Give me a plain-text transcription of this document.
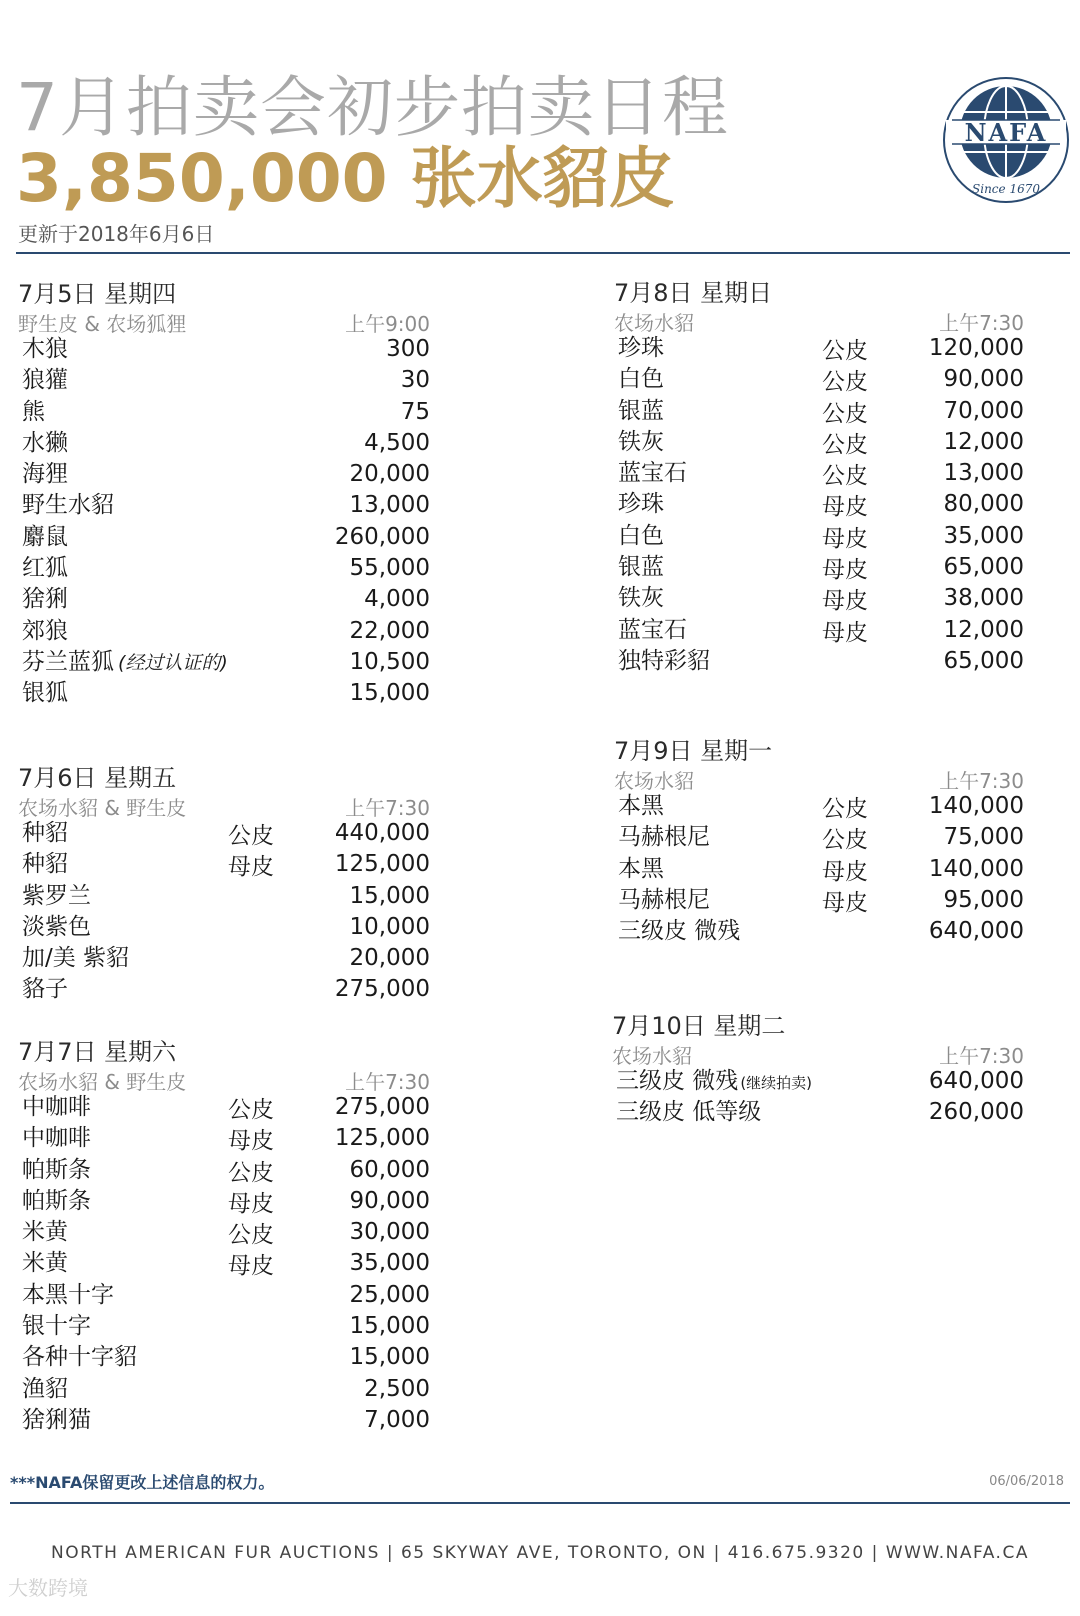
7月拍卖会初步拍卖日程
3,850,000 张水貂皮
更新于2018年6月6日
NAFA
Since 1670
7月5日 星期四
野生皮 & 农场狐狸	上午9:00
木狼	300
狼獾	30
熊	75
水獭	4,500
海狸	20,000
野生水貂	13,000
麝鼠	260,000
红狐	55,000
猞猁	4,000
郊狼	22,000
芬兰蓝狐 (经过认证的)	10,500
银狐	15,000
7月6日 星期五
农场水貂 & 野生皮	上午7:30
种貂	公皮	440,000
种貂	母皮	125,000
紫罗兰	15,000
淡紫色	10,000
加/美 紫貂	20,000
貉子	275,000
7月7日 星期六
农场水貂 & 野生皮	上午7:30
中咖啡	公皮	275,000
中咖啡	母皮	125,000
帕斯条	公皮	60,000
帕斯条	母皮	90,000
米黄	公皮	30,000
米黄	母皮	35,000
本黑十字	25,000
银十字	15,000
各种十字貂	15,000
渔貂	2,500
猞猁猫	7,000
7月8日 星期日
农场水貂	上午7:30
珍珠	公皮	120,000
白色	公皮	90,000
银蓝	公皮	70,000
铁灰	公皮	12,000
蓝宝石	公皮	13,000
珍珠	母皮	80,000
白色	母皮	35,000
银蓝	母皮	65,000
铁灰	母皮	38,000
蓝宝石	母皮	12,000
独特彩貂	65,000
7月9日 星期一
农场水貂	上午7:30
本黑	公皮	140,000
马赫根尼	公皮	75,000
本黑	母皮	140,000
马赫根尼	母皮	95,000
三级皮 微残	640,000
7月10日 星期二
农场水貂	上午7:30
三级皮 微残 (继续拍卖)	640,000
三级皮 低等级	260,000
***NAFA保留更改上述信息的权力。	06/06/2018
NORTH AMERICAN FUR AUCTIONS | 65 SKYWAY AVE, TORONTO, ON | 416.675.9320 | WWW.NAFA.CA
大数跨境
